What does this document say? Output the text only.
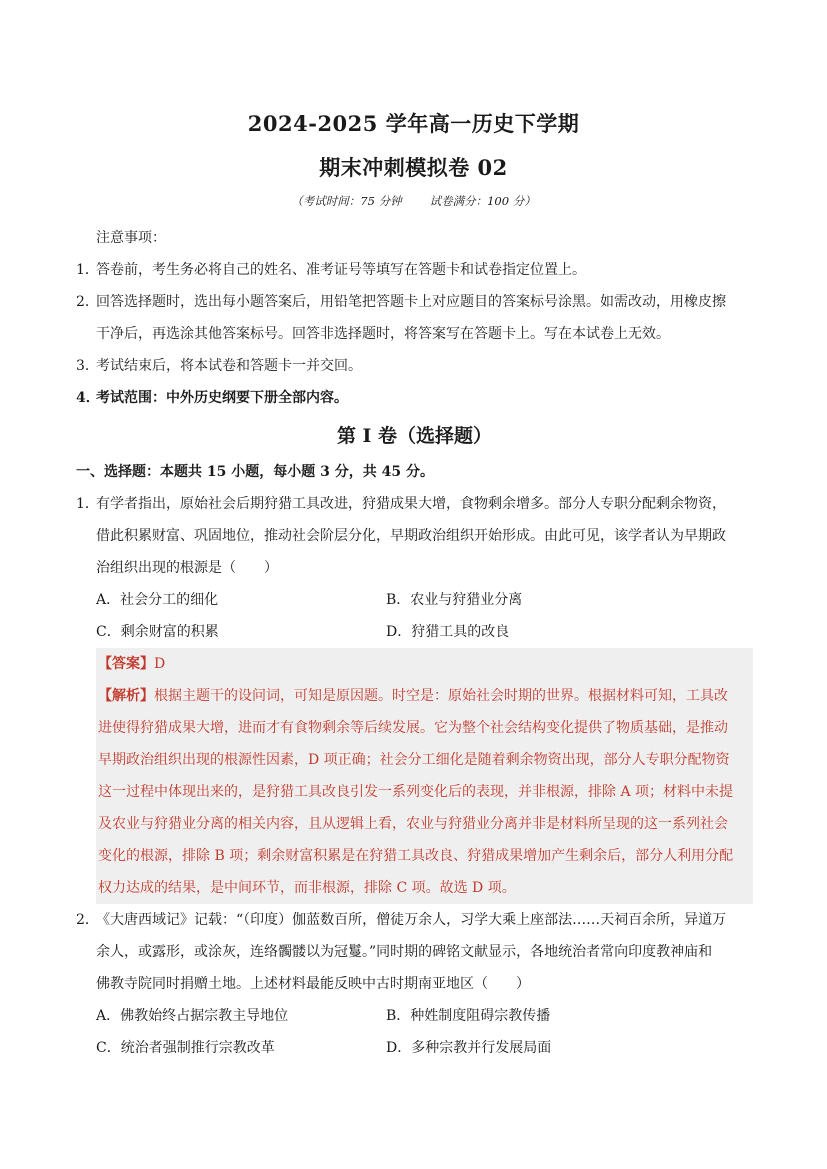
2024-2025 学年高一历史下学期
期末冲刺模拟卷 02
（考试时间：75 分钟 试卷满分：100 分）
注意事项：
1．
答卷前，考生务必将自己的姓名、准考证号等填写在答题卡和试卷指定位置上。
2．
回答选择题时，选出每小题答案后，用铅笔把答题卡上对应题目的答案标号涂黑。如需改动，用橡皮擦
干净后，再选涂其他答案标号。回答非选择题时，将答案写在答题卡上。写在本试卷上无效。
3．
考试结束后，将本试卷和答题卡一并交回。
4．
考试范围：中外历史纲要下册全部内容。
第 I 卷（选择题）
一、选择题：本题共 15 小题，每小题 3 分，共 45 分。
1．
有学者指出，原始社会后期狩猎工具改进，狩猎成果大增，食物剩余增多。部分人专职分配剩余物资，
借此积累财富、巩固地位，推动社会阶层分化，早期政治组织开始形成。由此可见，该学者认为早期政
治组织出现的根源是（　　）
A．社会分工的细化	B．农业与狩猎业分离
C．剩余财富的积累	D．狩猎工具的改良
【答案】D
【解析】根据主题干的设问词，可知是原因题。时空是：原始社会时期的世界。根据材料可知，工具改
进使得狩猎成果大增，进而才有食物剩余等后续发展。它为整个社会结构变化提供了物质基础，是推动
早期政治组织出现的根源性因素，D 项正确；社会分工细化是随着剩余物资出现，部分人专职分配物资
这一过程中体现出来的，是狩猎工具改良引发一系列变化后的表现，并非根源，排除 A 项；材料中未提
及农业与狩猎业分离的相关内容，且从逻辑上看，农业与狩猎业分离并非是材料所呈现的这一系列社会
变化的根源，排除 B 项；剩余财富积累是在狩猎工具改良、狩猎成果增加产生剩余后，部分人利用分配
权力达成的结果，是中间环节，而非根源，排除 C 项。故选 D 项。
2．
《大唐西域记》记载：“（印度）伽蓝数百所，僧徒万余人，习学大乘上座部法……天祠百余所，异道万
余人，或露形，或涂灰，连络髑髅以为冠鬘。”同时期的碑铭文献显示，各地统治者常向印度教神庙和
佛教寺院同时捐赠土地。上述材料最能反映中古时期南亚地区（　　）
A．佛教始终占据宗教主导地位	B．种姓制度阻碍宗教传播
C．统治者强制推行宗教改革	D．多种宗教并行发展局面
